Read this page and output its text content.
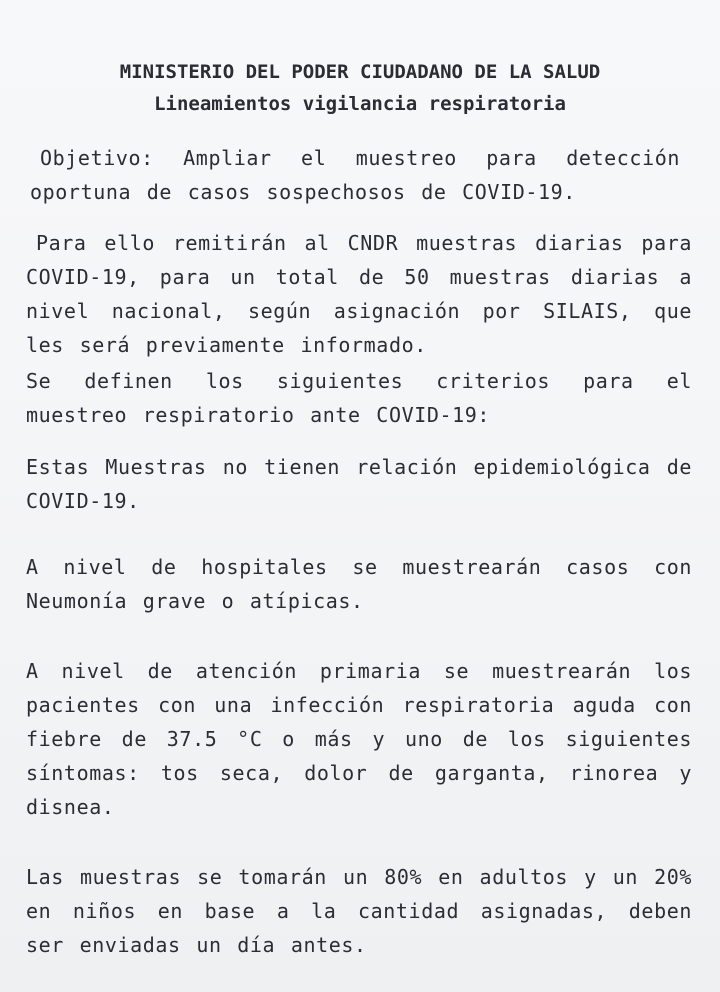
MINISTERIO DEL PODER CIUDADANO DE LA SALUD
Lineamientos vigilancia respiratoria
Objetivo: Ampliar el muestreo para detección oportuna de casos sospechosos de COVID-19.
Para ello remitirán al CNDR muestras diarias para COVID-19, para un total de 50 muestras diarias a nivel nacional, según asignación por SILAIS, que les será previamente informado.
Se definen los siguientes criterios para el muestreo respiratorio ante COVID-19:
Estas Muestras no tienen relación epidemiológica de COVID-19.
A nivel de hospitales se muestrearán casos con Neumonía grave o atípicas.
A nivel de atención primaria se muestrearán los pacientes con una infección respiratoria aguda con fiebre de 37.5 °C o más y uno de los siguientes síntomas: tos seca, dolor de garganta, rinorea y disnea.
Las muestras se tomarán un 80% en adultos y un 20% en niños en base a la cantidad asignadas, deben ser enviadas un día antes.
